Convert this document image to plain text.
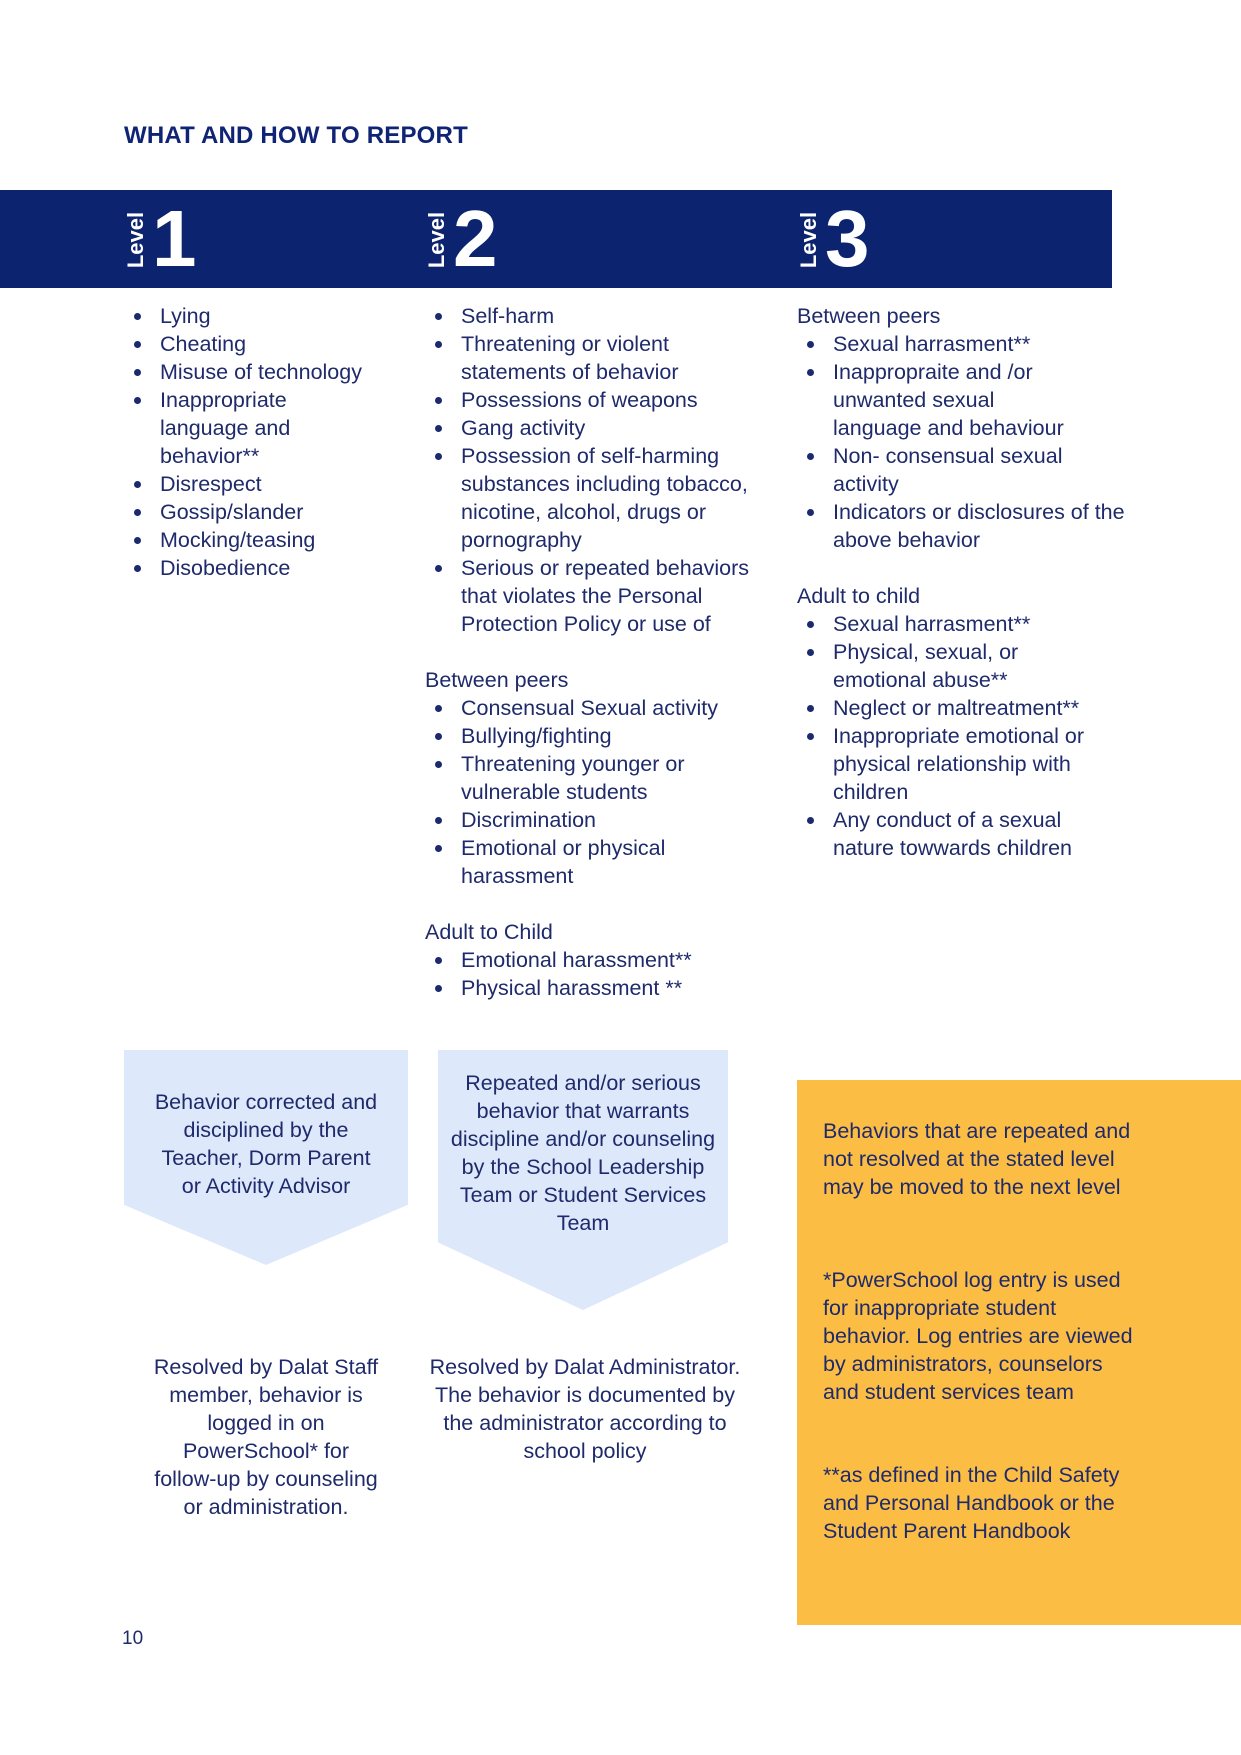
WHAT AND HOW TO REPORT
Level 1	Level 2	Level 3
Lying
Cheating
Misuse of technology
Inappropriate language and behavior**
Disrespect
Gossip/slander
Mocking/teasing
Disobedience
Self-harm
Threatening or violent statements of behavior
Possessions of weapons
Gang activity
Possession of self-harming substances including tobacco, nicotine, alcohol, drugs or pornography
Serious or repeated behaviors that violates the Personal Protection Policy or use of
Between peers
Consensual Sexual activity
Bullying/fighting
Threatening younger or vulnerable students
Discrimination
Emotional or physical harassment
Adult to Child
Emotional harassment**
Physical harassment **
Between peers
Sexual harrasment**
Inappropraite and /or unwanted sexual language and behaviour
Non- consensual sexual activity
Indicators or disclosures of the above behavior
Adult to child
Sexual harrasment**
Physical, sexual, or emotional abuse**
Neglect or maltreatment**
Inappropriate emotional or physical relationship with children
Any conduct of a sexual nature towwards children
Behavior corrected and disciplined by the Teacher, Dorm Parent or Activity Advisor
Repeated and/or serious behavior that warrants discipline and/or counseling by the School Leadership Team or Student Services Team
Resolved by Dalat Staff member, behavior is logged in on PowerSchool* for follow-up by counseling or administration.
Resolved by Dalat Administrator. The behavior is documented by the administrator according to school policy
Behaviors that are repeated and not resolved at the stated level may be moved to the next level
*PowerSchool log entry is used for inappropriate student behavior. Log entries are viewed by administrators, counselors and student services team
**as defined in the Child Safety and Personal Handbook or the Student Parent Handbook
10
